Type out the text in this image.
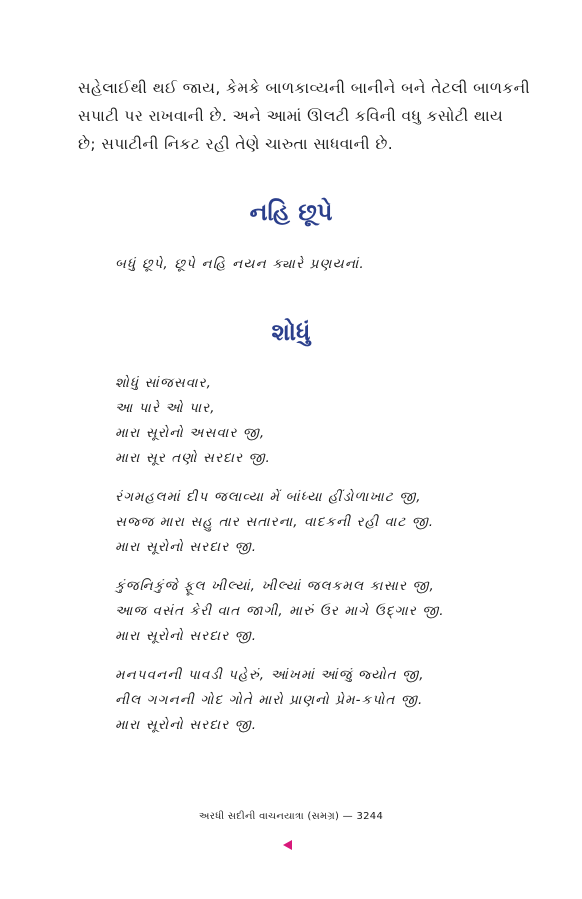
સહેલાઈથી થઈ જાય, કેમકે બાળકાવ્યની બાનીને બને તેટલી બાળકની
સપાટી પર રાખવાની છે. અને આમાં ઊલટી કવિની વધુ કસોટી થાય
છે; સપાટીની નિકટ રહી તેણે ચારુતા સાધવાની છે.
નહિ છૂપે

બધું છૂપે, છૂપે નહિ નયન ક્યારે પ્રણયનાં.

શોધું
શોધું સાંજસવાર,
આ પારે ઓ પાર,
મારા સૂરોનો અસવાર જી,
મારા સૂર તણો સરદાર જી.
રંગમહલમાં દીપ જલાવ્યા મેં બાંધ્યા હીંડોળાખાટ જી,
સજ્જ મારા સહુ તાર સતારના, વાદકની રહી વાટ જી.
મારા સૂરોનો સરદાર જી.
કુંજનિકુંજે ફૂલ ખીલ્યાં, ખીલ્યાં જલકમલ કાસાર જી,
આજ વસંત કેરી વાત જાગી, મારું ઉર માગે ઉદ્‌ગાર જી.
મારા સૂરોનો સરદાર જી.
મનપવનની પાવડી પહેરું, આંખમાં આંજું જ્યોત જી,
નીલ ગગનની ગોદ ગોતે મારો પ્રાણનો પ્રેમ-કપોત જી.
મારા સૂરોનો સરદાર જી.

અરધી સદીની વાચનયાત્રા (સમગ્ર) — 3244
